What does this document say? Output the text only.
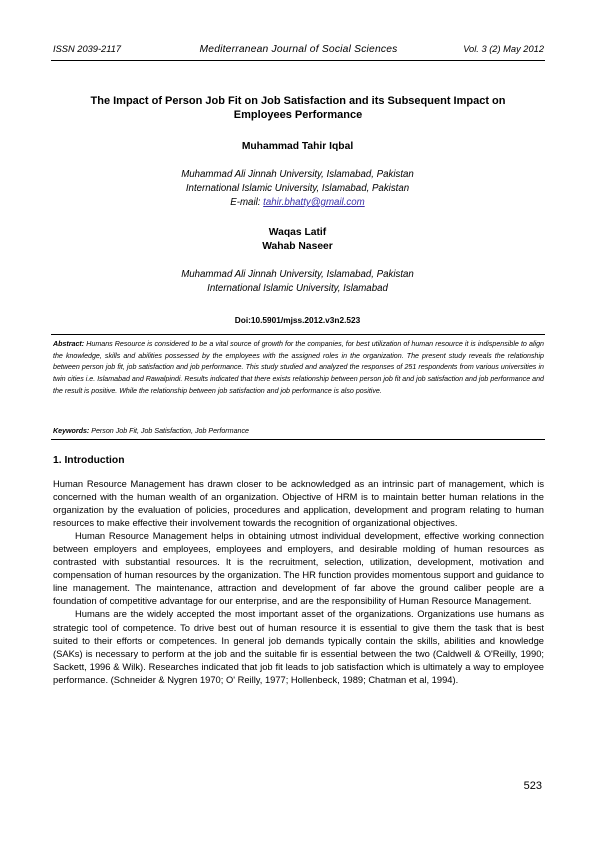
ISSN 2039-2117	Mediterranean Journal of Social Sciences	Vol. 3 (2) May 2012
The Impact of Person Job Fit on Job Satisfaction and its Subsequent Impact on Employees Performance
Muhammad Tahir Iqbal
Muhammad Ali Jinnah University, Islamabad, Pakistan
International Islamic University, Islamabad, Pakistan
E-mail: tahir.bhatty@gmail.com
Waqas Latif
Wahab Naseer
Muhammad Ali Jinnah University, Islamabad, Pakistan
International Islamic University, Islamabad
Doi:10.5901/mjss.2012.v3n2.523

Abstract: Humans Resource is considered to be a vital source of growth for the companies, for best utilization of human resource it is indispensible to align the knowledge, skills and abilities possessed by the employees with the assigned roles in the organization. The present study reveals the relationship between person job fit, job satisfaction and job performance. This study studied and analyzed the responses of 251 respondents from various universities in twin cities i.e. Islamabad and Rawalpindi. Results indicated that there exists relationship between person job fit and job satisfaction and job performance and the result is positive. While the relationship between job satisfaction and job performance is also positive.

Keywords: Person Job Fit, Job Satisfaction, Job Performance

1. Introduction

Human Resource Management has drawn closer to be acknowledged as an intrinsic part of management, which is concerned with the human wealth of an organization. Objective of HRM is to maintain better human relations in the organization by the evaluation of policies, procedures and application, development and program relating to human resources to make effective their involvement towards the recognition of organizational objectives.

Human Resource Management helps in obtaining utmost individual development, effective working connection between employers and employees, employees and employers, and desirable molding of human resources as contrasted with substantial resources. It is the recruitment, selection, utilization, development, motivation and compensation of human resources by the organization. The HR function provides momentous support and guidance to line management. The maintenance, attraction and development of far above the ground caliber people are a foundation of competitive advantage for our enterprise, and are the responsibility of Human Resource Management.

Humans are the widely accepted the most important asset of the organizations. Organizations use humans as strategic tool of competence. To drive best out of human resource it is essential to give them the task that is best suited to their efforts or competences. In general job demands typically contain the skills, abilities and knowledge (SAKs) is necessary to perform at the job and the suitable fir is essential between the two (Caldwell & O'Reilly, 1990; Sackett, 1996 & Wilk). Researches indicated that job fit leads to job satisfaction which is ultimately a way to employee performance. (Schneider & Nygren 1970; O' Reilly, 1977; Hollenbeck, 1989; Chatman et al, 1994).

523
